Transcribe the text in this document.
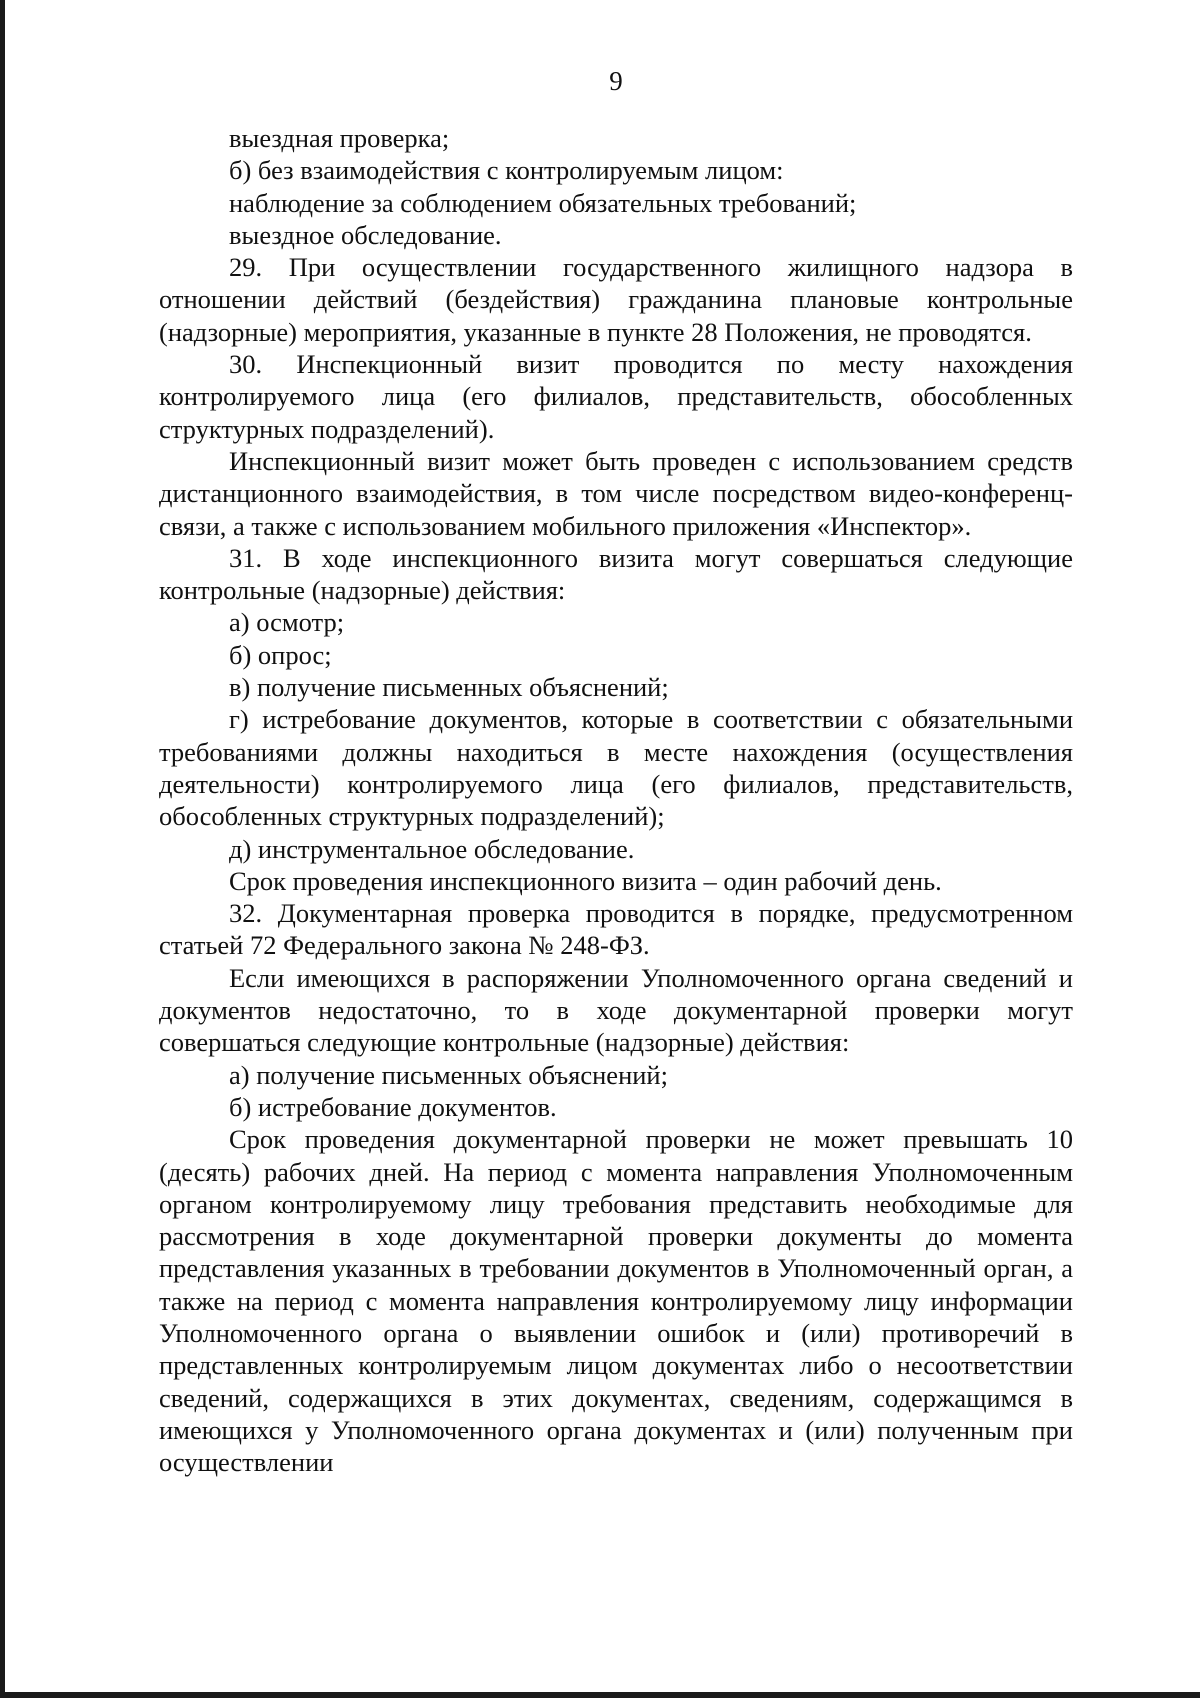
9

выездная проверка;

б) без взаимодействия с контролируемым лицом:

наблюдение за соблюдением обязательных требований;

выездное обследование.

29. При осуществлении государственного жилищного надзора в отношении действий (бездействия) гражданина плановые контрольные (надзорные) мероприятия, указанные в пункте 28 Положения, не проводятся.

30. Инспекционный визит проводится по месту нахождения контролируемого лица (его филиалов, представительств, обособленных структурных подразделений).

Инспекционный визит может быть проведен с использованием средств дистанционного взаимодействия, в том числе посредством видео-конференц-связи, а также с использованием мобильного приложения «Инспектор».

31. В ходе инспекционного визита могут совершаться следующие контрольные (надзорные) действия:

а) осмотр;

б) опрос;

в) получение письменных объяснений;

г) истребование документов, которые в соответствии с обязательными требованиями должны находиться в месте нахождения (осуществления деятельности) контролируемого лица (его филиалов, представительств, обособленных структурных подразделений);

д) инструментальное обследование.

Срок проведения инспекционного визита – один рабочий день.

32. Документарная проверка проводится в порядке, предусмотренном статьей 72 Федерального закона № 248-ФЗ.

Если имеющихся в распоряжении Уполномоченного органа сведений и документов недостаточно, то в ходе документарной проверки могут совершаться следующие контрольные (надзорные) действия:

а) получение письменных объяснений;

б) истребование документов.

Срок проведения документарной проверки не может превышать 10 (десять) рабочих дней. На период с момента направления Уполномоченным органом контролируемому лицу требования представить необходимые для рассмотрения в ходе документарной проверки документы до момента представления указанных в требовании документов в Уполномоченный орган, а также на период с момента направления контролируемому лицу информации Уполномоченного органа о выявлении ошибок и (или) противоречий в представленных контролируемым лицом документах либо о несоответствии сведений, содержащихся в этих документах, сведениям, содержащимся в имеющихся у Уполномоченного органа документах и (или) полученным при осуществлении
